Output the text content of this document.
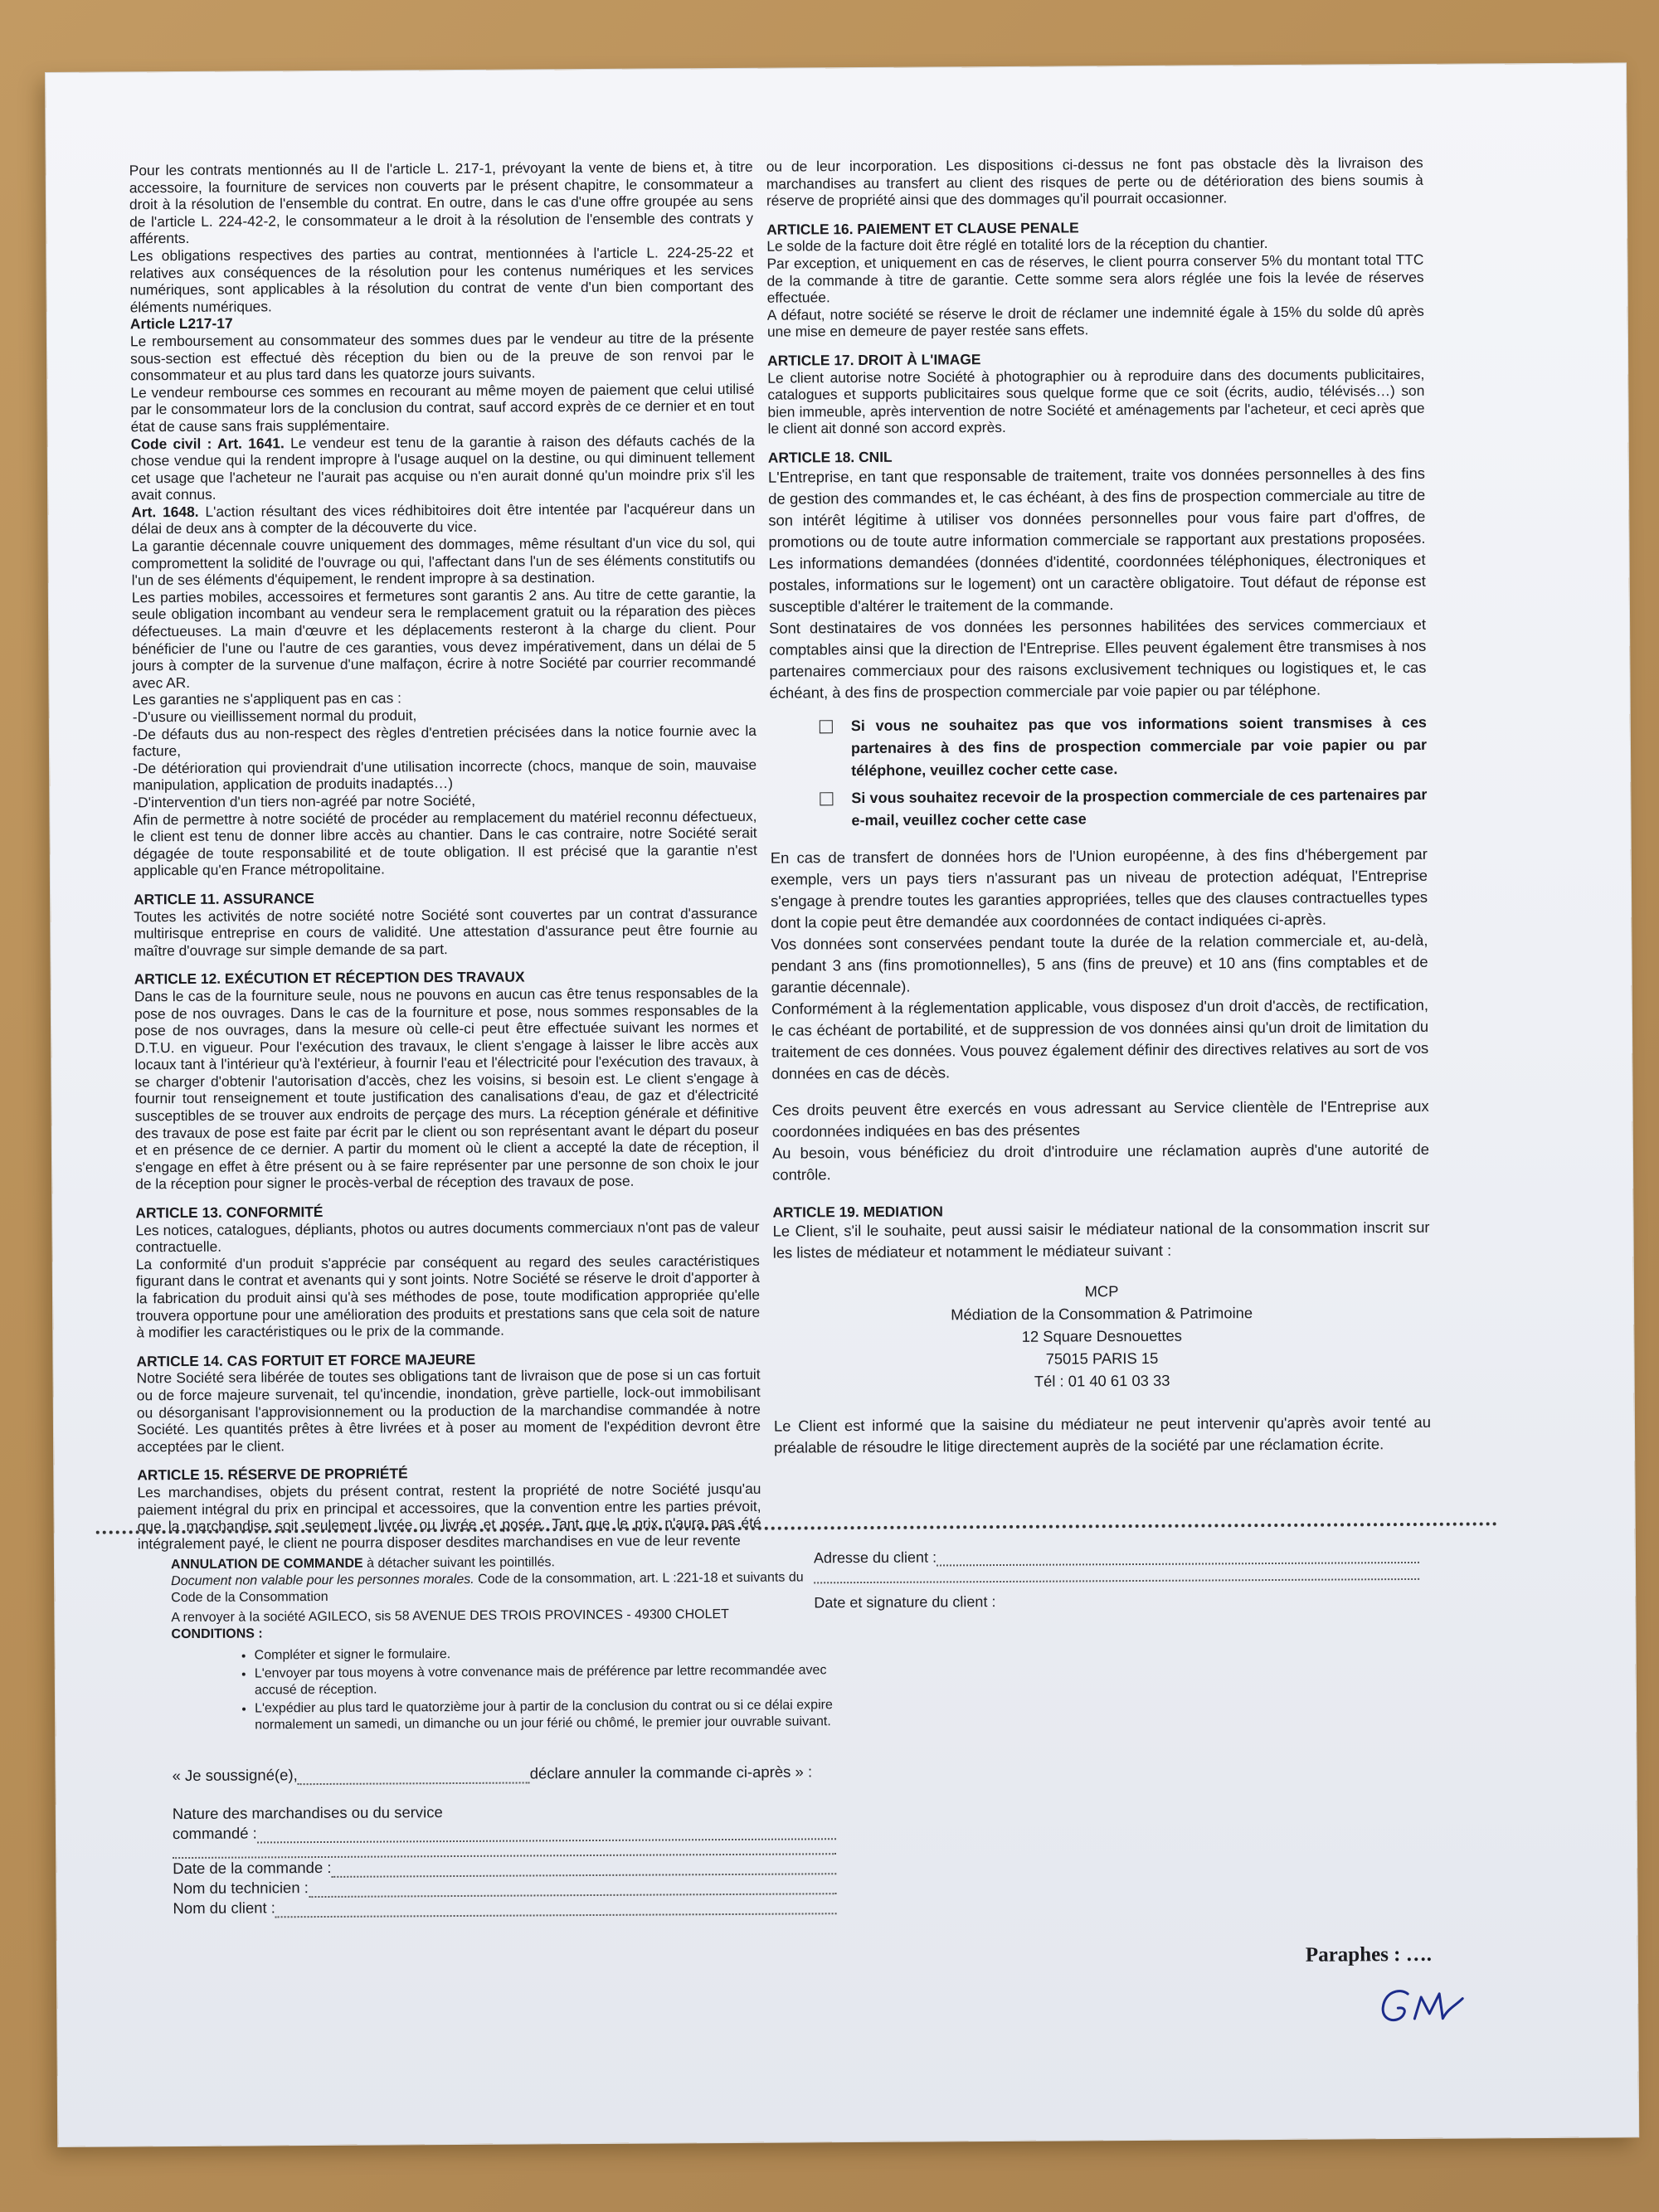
Pour les contrats mentionnés au II de l'article L. 217-1, prévoyant la vente de biens et, à titre accessoire, la fourniture de services non couverts par le présent chapitre, le consommateur a droit à la résolution de l'ensemble du contrat. En outre, dans le cas d'une offre groupée au sens de l'article L. 224-42-2, le consommateur a le droit à la résolution de l'ensemble des contrats y afférents.

Les obligations respectives des parties au contrat, mentionnées à l'article L. 224-25-22 et relatives aux conséquences de la résolution pour les contenus numériques et les services numériques, sont applicables à la résolution du contrat de vente d'un bien comportant des éléments numériques.

Article L217-17

Le remboursement au consommateur des sommes dues par le vendeur au titre de la présente sous-section est effectué dès réception du bien ou de la preuve de son renvoi par le consommateur et au plus tard dans les quatorze jours suivants.

Le vendeur rembourse ces sommes en recourant au même moyen de paiement que celui utilisé par le consommateur lors de la conclusion du contrat, sauf accord exprès de ce dernier et en tout état de cause sans frais supplémentaire.

Code civil : Art. 1641. Le vendeur est tenu de la garantie à raison des défauts cachés de la chose vendue qui la rendent impropre à l'usage auquel on la destine, ou qui diminuent tellement cet usage que l'acheteur ne l'aurait pas acquise ou n'en aurait donné qu'un moindre prix s'il les avait connus.

Art. 1648. L'action résultant des vices rédhibitoires doit être intentée par l'acquéreur dans un délai de deux ans à compter de la découverte du vice.

La garantie décennale couvre uniquement des dommages, même résultant d'un vice du sol, qui compromettent la solidité de l'ouvrage ou qui, l'affectant dans l'un de ses éléments constitutifs ou l'un de ses éléments d'équipement, le rendent impropre à sa destination.

Les parties mobiles, accessoires et fermetures sont garantis 2 ans. Au titre de cette garantie, la seule obligation incombant au vendeur sera le remplacement gratuit ou la réparation des pièces défectueuses. La main d'œuvre et les déplacements resteront à la charge du client. Pour bénéficier de l'une ou l'autre de ces garanties, vous devez impérativement, dans un délai de 5 jours à compter de la survenue d'une malfaçon, écrire à notre Société par courrier recommandé avec AR.

Les garanties ne s'appliquent pas en cas :

-D'usure ou vieillissement normal du produit,

-De défauts dus au non-respect des règles d'entretien précisées dans la notice fournie avec la facture,

-De détérioration qui proviendrait d'une utilisation incorrecte (chocs, manque de soin, mauvaise manipulation, application de produits inadaptés…)

-D'intervention d'un tiers non-agréé par notre Société,

Afin de permettre à notre société de procéder au remplacement du matériel reconnu défectueux, le client est tenu de donner libre accès au chantier. Dans le cas contraire, notre Société serait dégagée de toute responsabilité et de toute obligation. Il est précisé que la garantie n'est applicable qu'en France métropolitaine.

ARTICLE 11. ASSURANCE

Toutes les activités de notre société notre Société sont couvertes par un contrat d'assurance multirisque entreprise en cours de validité. Une attestation d'assurance peut être fournie au maître d'ouvrage sur simple demande de sa part.

ARTICLE 12. EXÉCUTION ET RÉCEPTION DES TRAVAUX

Dans le cas de la fourniture seule, nous ne pouvons en aucun cas être tenus responsables de la pose de nos ouvrages. Dans le cas de la fourniture et pose, nous sommes responsables de la pose de nos ouvrages, dans la mesure où celle-ci peut être effectuée suivant les normes et D.T.U. en vigueur. Pour l'exécution des travaux, le client s'engage à laisser le libre accès aux locaux tant à l'intérieur qu'à l'extérieur, à fournir l'eau et l'électricité pour l'exécution des travaux, à se charger d'obtenir l'autorisation d'accès, chez les voisins, si besoin est. Le client s'engage à fournir tout renseignement et toute justification des canalisations d'eau, de gaz et d'électricité susceptibles de se trouver aux endroits de perçage des murs. La réception générale et définitive des travaux de pose est faite par écrit par le client ou son représentant avant le départ du poseur et en présence de ce dernier. A partir du moment où le client a accepté la date de réception, il s'engage en effet à être présent ou à se faire représenter par une personne de son choix le jour de la réception pour signer le procès-verbal de réception des travaux de pose.

ARTICLE 13. CONFORMITÉ

Les notices, catalogues, dépliants, photos ou autres documents commerciaux n'ont pas de valeur contractuelle.

La conformité d'un produit s'apprécie par conséquent au regard des seules caractéristiques figurant dans le contrat et avenants qui y sont joints. Notre Société se réserve le droit d'apporter à la fabrication du produit ainsi qu'à ses méthodes de pose, toute modification appropriée qu'elle trouvera opportune pour une amélioration des produits et prestations sans que cela soit de nature à modifier les caractéristiques ou le prix de la commande.

ARTICLE 14. CAS FORTUIT ET FORCE MAJEURE

Notre Société sera libérée de toutes ses obligations tant de livraison que de pose si un cas fortuit ou de force majeure survenait, tel qu'incendie, inondation, grève partielle, lock-out immobilisant ou désorganisant l'approvisionnement ou la production de la marchandise commandée à notre Société. Les quantités prêtes à être livrées et à poser au moment de l'expédition devront être acceptées par le client.

ARTICLE 15. RÉSERVE DE PROPRIÉTÉ

Les marchandises, objets du présent contrat, restent la propriété de notre Société jusqu'au paiement intégral du prix en principal et accessoires, que la convention entre les parties prévoit, que la marchandise soit seulement livrée ou livrée et posée. Tant que le prix n'aura pas été intégralement payé, le client ne pourra disposer desdites marchandises en vue de leur revente

ou de leur incorporation. Les dispositions ci-dessus ne font pas obstacle dès la livraison des marchandises au transfert au client des risques de perte ou de détérioration des biens soumis à réserve de propriété ainsi que des dommages qu'il pourrait occasionner.

ARTICLE 16. PAIEMENT ET CLAUSE PENALE

Le solde de la facture doit être réglé en totalité lors de la réception du chantier.

Par exception, et uniquement en cas de réserves, le client pourra conserver 5% du montant total TTC de la commande à titre de garantie. Cette somme sera alors réglée une fois la levée de réserves effectuée.

A défaut, notre société se réserve le droit de réclamer une indemnité égale à 15% du solde dû après une mise en demeure de payer restée sans effets.

ARTICLE 17. DROIT À L'IMAGE

Le client autorise notre Société à photographier ou à reproduire dans des documents publicitaires, catalogues et supports publicitaires sous quelque forme que ce soit (écrits, audio, télévisés…) son bien immeuble, après intervention de notre Société et aménagements par l'acheteur, et ceci après que le client ait donné son accord exprès.

ARTICLE 18. CNIL

L'Entreprise, en tant que responsable de traitement, traite vos données personnelles à des fins de gestion des commandes et, le cas échéant, à des fins de prospection commerciale au titre de son intérêt légitime à utiliser vos données personnelles pour vous faire part d'offres, de promotions ou de toute autre information commerciale se rapportant aux prestations proposées. Les informations demandées (données d'identité, coordonnées téléphoniques, électroniques et postales, informations sur le logement) ont un caractère obligatoire. Tout défaut de réponse est susceptible d'altérer le traitement de la commande.

Sont destinataires de vos données les personnes habilitées des services commerciaux et comptables ainsi que la direction de l'Entreprise. Elles peuvent également être transmises à nos partenaires commerciaux pour des raisons exclusivement techniques ou logistiques et, le cas échéant, à des fins de prospection commerciale par voie papier ou par téléphone.

Si vous ne souhaitez pas que vos informations soient transmises à ces partenaires à des fins de prospection commerciale par voie papier ou par téléphone, veuillez cocher cette case.
Si vous souhaitez recevoir de la prospection commerciale de ces partenaires par e-mail, veuillez cocher cette case

En cas de transfert de données hors de l'Union européenne, à des fins d'hébergement par exemple, vers un pays tiers n'assurant pas un niveau de protection adéquat, l'Entreprise s'engage à prendre toutes les garanties appropriées, telles que des clauses contractuelles types dont la copie peut être demandée aux coordonnées de contact indiquées ci-après.

Vos données sont conservées pendant toute la durée de la relation commerciale et, au-delà, pendant 3 ans (fins promotionnelles), 5 ans (fins de preuve) et 10 ans (fins comptables et de garantie décennale).

Conformément à la réglementation applicable, vous disposez d'un droit d'accès, de rectification, le cas échéant de portabilité, et de suppression de vos données ainsi qu'un droit de limitation du traitement de ces données. Vous pouvez également définir des directives relatives au sort de vos données en cas de décès.

Ces droits peuvent être exercés en vous adressant au Service clientèle de l'Entreprise aux coordonnées indiquées en bas des présentes

Au besoin, vous bénéficiez du droit d'introduire une réclamation auprès d'une autorité de contrôle.

ARTICLE 19. MEDIATION

Le Client, s'il le souhaite, peut aussi saisir le médiateur national de la consommation inscrit sur les listes de médiateur et notamment le médiateur suivant :

MCP

Médiation de la Consommation & Patrimoine

12 Square Desnouettes

75015 PARIS 15

Tél : 01 40 61 03 33

Le Client est informé que la saisine du médiateur ne peut intervenir qu'après avoir tenté au préalable de résoudre le litige directement auprès de la société par une réclamation écrite.

ANNULATION DE COMMANDE à détacher suivant les pointillés.

Document non valable pour les personnes morales. Code de la consommation, art. L :221-18 et suivants du Code de la Consommation

A renvoyer à la société AGILECO, sis 58 AVENUE DES TROIS PROVINCES - 49300 CHOLET

CONDITIONS :

• Compléter et signer le formulaire.
• L'envoyer par tous moyens à votre convenance mais de préférence par lettre recommandée avec accusé de réception.
• L'expédier au plus tard le quatorzième jour à partir de la conclusion du contrat ou si ce délai expire normalement un samedi, un dimanche ou un jour férié ou chômé, le premier jour ouvrable suivant.
« Je soussigné(e),	déclare annuler la commande ci-après » :

Nature des marchandises ou du service

commandé :
Date de la commande :
Nom du technicien :
Nom du client :
Adresse du client :

Date et signature du client :

Paraphes : ….
